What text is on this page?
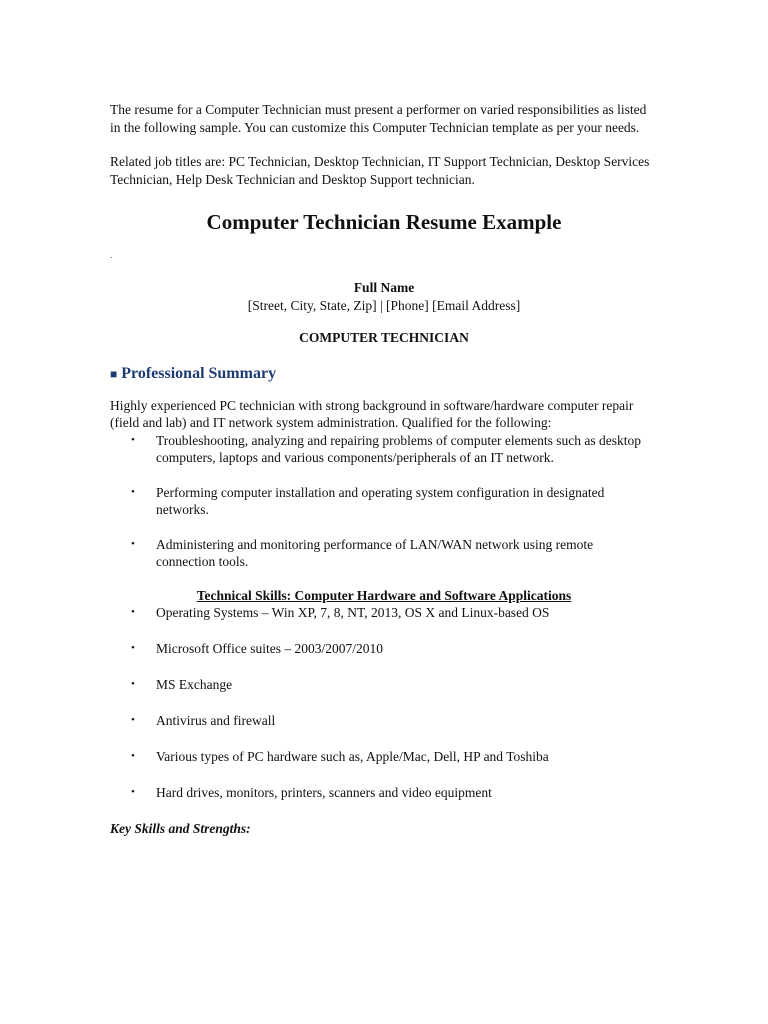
The resume for a Computer Technician must present a performer on varied responsibilities as listed in the following sample. You can customize this Computer Technician template as per your needs.

Related job titles are: PC Technician, Desktop Technician, IT Support Technician, Desktop Services Technician, Help Desk Technician and Desktop Support technician.

Computer Technician Resume Example

.

Full Name

[Street, City, State, Zip] | [Phone] [Email Address]

COMPUTER TECHNICIAN

■ Professional Summary

Highly experienced PC technician with strong background in software/hardware computer repair (field and lab) and IT network system administration. Qualified for the following:

• Troubleshooting, analyzing and repairing problems of computer elements such as desktop computers, laptops and various components/peripherals of an IT network.
• Performing computer installation and operating system configuration in designated networks.
• Administering and monitoring performance of LAN/WAN network using remote connection tools.

Technical Skills: Computer Hardware and Software Applications

• Operating Systems – Win XP, 7, 8, NT, 2013, OS X and Linux-based OS
• Microsoft Office suites – 2003/2007/2010
• MS Exchange
• Antivirus and firewall
• Various types of PC hardware such as, Apple/Mac, Dell, HP and Toshiba
• Hard drives, monitors, printers, scanners and video equipment

Key Skills and Strengths:
